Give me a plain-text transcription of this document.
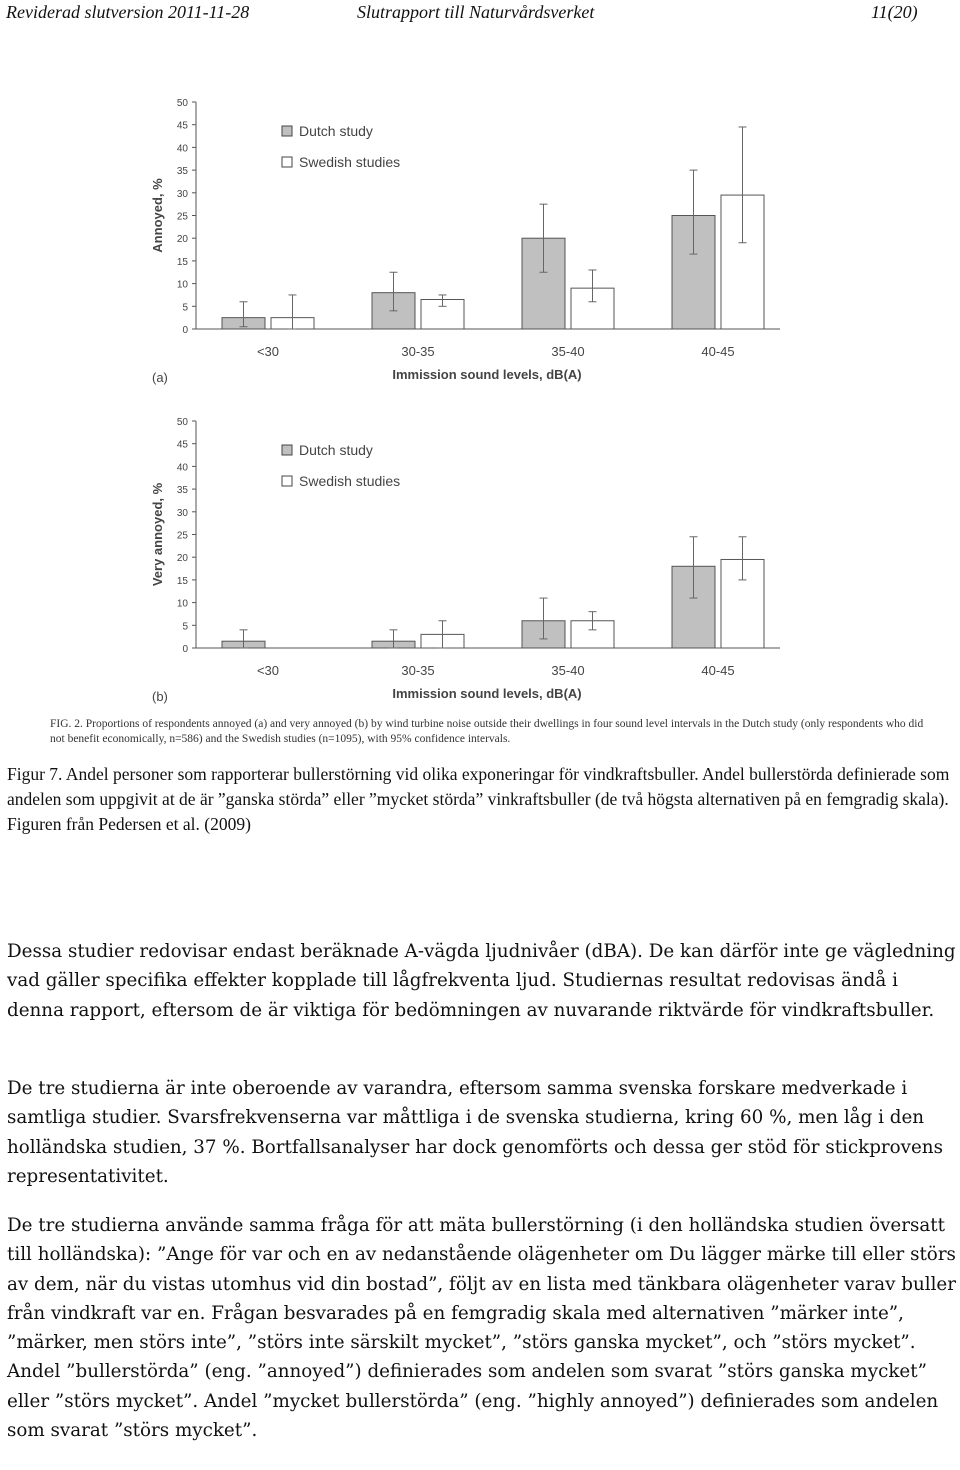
Reviderad slutversion 2011-11-28	Slutrapport till Naturvårdsverket	11(20)
0
5
10
15
20
25
30
35
40
45
50
Annoyed, %
Dutch study
Swedish studies
<30	30-35	35-40	40-45
Immission sound levels, dB(A)
(a)
0
5
10
15
20
25
30
35
40
45
50
Very annoyed, %
Dutch study
Swedish studies
<30	30-35	35-40	40-45
Immission sound levels, dB(A)
(b)
FIG. 2. Proportions of respondents annoyed (a) and very annoyed (b) by wind turbine noise outside their dwellings in four sound level intervals in the Dutch study (only respondents who did not benefit economically, n=586) and the Swedish studies (n=1095), with 95% confidence intervals.
Figur 7. Andel personer som rapporterar bullerstörning vid olika exponeringar för vindkraftsbuller. Andel bullerstörda definierade som andelen som uppgivit at de är ”ganska störda” eller ”mycket störda” vinkraftsbuller (de två högsta alternativen på en femgradig skala). Figuren från Pedersen et al. (2009)

Dessa studier redovisar endast beräknade A-vägda ljudnivåer (dBA). De kan därför inte ge vägledning vad gäller specifika effekter kopplade till lågfrekventa ljud. Studiernas resultat redovisas ändå i denna rapport, eftersom de är viktiga för bedömningen av nuvarande riktvärde för vindkraftsbuller.

De tre studierna är inte oberoende av varandra, eftersom samma svenska forskare medverkade i samtliga studier. Svarsfrekvenserna var måttliga i de svenska studierna, kring 60 %, men låg i den holländska studien, 37 %. Bortfallsanalyser har dock genomförts och dessa ger stöd för stickprovens representativitet.

De tre studierna använde samma fråga för att mäta bullerstörning (i den holländska studien översatt till holländska): ”Ange för var och en av nedanstående olägenheter om Du lägger märke till eller störs av dem, när du vistas utomhus vid din bostad”, följt av en lista med tänkbara olägenheter varav buller från vindkraft var en. Frågan besvarades på en femgradig skala med alternativen ”märker inte”, ”märker, men störs inte”, ”störs inte särskilt mycket”, ”störs ganska mycket”, och ”störs mycket”. Andel ”bullerstörda” (eng. ”annoyed”) definierades som andelen som svarat ”störs ganska mycket” eller ”störs mycket”. Andel ”mycket bullerstörda” (eng. ”highly annoyed”) definierades som andelen som svarat ”störs mycket”.
